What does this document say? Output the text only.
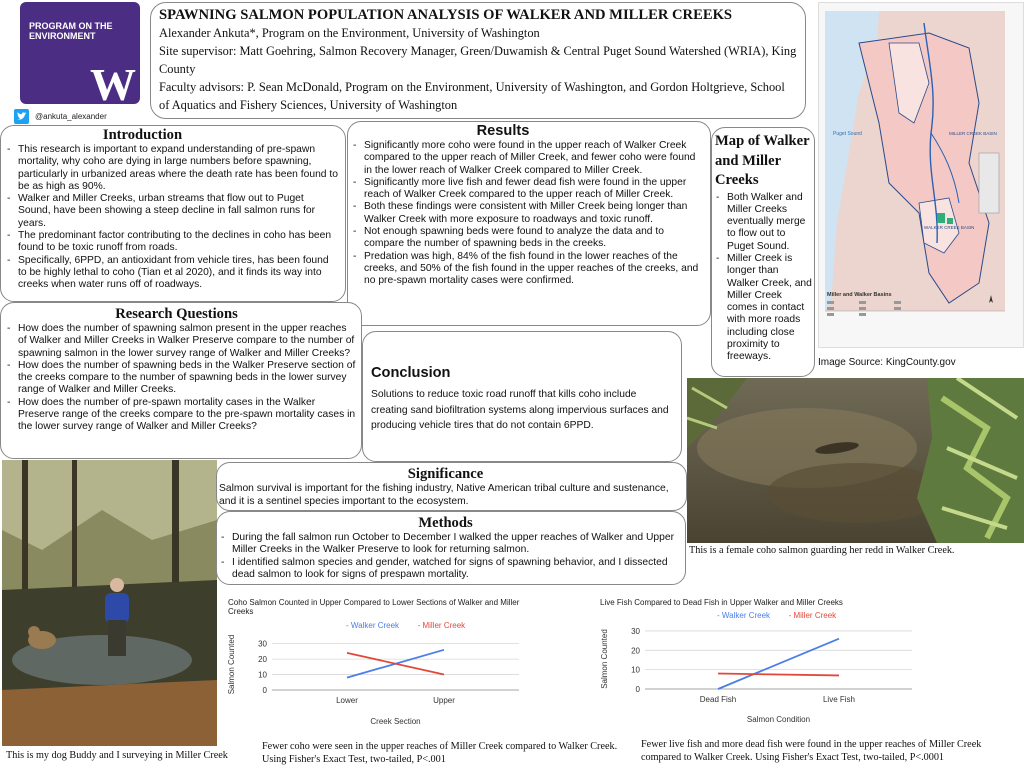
PROGRAM ON THE
ENVIRONMENT
W
@ankuta_alexander
SPAWNING SALMON POPULATION ANALYSIS OF WALKER AND MILLER CREEKS
Alexander Ankuta*, Program on the Environment, University of Washington
Site supervisor: Matt Goehring, Salmon Recovery Manager, Green/Duwamish & Central Puget Sound Watershed (WRIA), King County
Faculty advisors: P. Sean McDonald, Program on the Environment, University of Washington, and Gordon Holtgrieve, School of Aquatics and Fishery Sciences, University of Washington
Puget Sound	MILLER CREEK BASIN
WALKER CREEK BASIN
Miller and Walker Basins
Image Source: KingCounty.gov
Introduction
- This research is important to expand understanding of pre-spawn mortality, why coho are dying in large numbers before spawning, particularly in urbanized areas where the death rate has been found to be as high as 90%.
- Walker and Miller Creeks, urban streams that flow out to Puget Sound, have been showing a steep decline in fall salmon runs for years.
- The predominant factor contributing to the declines in coho has been found to be toxic runoff from roads.
- Specifically, 6PPD, an antioxidant from vehicle tires, has been found to be highly lethal to coho (Tian et al 2020), and it finds its way into creeks when water runs off of roadways.
Results
- Significantly more coho were found in the upper reach of Walker Creek compared to the upper reach of Miller Creek, and fewer coho were found in the lower reach of Walker Creek compared to Miller Creek.
- Significantly more live fish and fewer dead fish were found in the upper reach of Walker Creek compared to the upper reach of Miller Creek.
- Both these findings were consistent with Miller Creek being longer than Walker Creek with more exposure to roadways and toxic runoff.
- Not enough spawning beds were found to analyze the data and to compare the number of spawning beds in the creeks.
- Predation was high, 84% of the fish found in the lower reaches of the creeks, and 50% of the fish found in the upper reaches of the creeks, and no pre-spawn mortality cases were confirmed.
Map of Walker and Miller Creeks
- Both Walker and Miller Creeks eventually merge to flow out to Puget Sound.
- Miller Creek is longer than Walker Creek, and Miller Creek comes in contact with more roads including close proximity to freeways.
Research Questions
- How does the number of spawning salmon present in the upper reaches of Walker and Miller Creeks in Walker Preserve compare to the number of spawning salmon in the lower survey range of Walker and Miller Creeks?
- How does the number of spawning beds in the Walker Preserve section of the creeks compare to the number of spawning beds in the lower survey range of Walker and Miller Creeks.
- How does the number of pre-spawn mortality cases in the Walker Preserve range of the creeks compare to the pre-spawn mortality cases in the lower survey range of Walker and Miller Creeks?
Conclusion
Solutions to reduce toxic road runoff that kills coho include creating sand biofiltration systems along impervious surfaces and producing vehicle tires that do not contain 6PPD.
This is a female coho salmon guarding her redd in Walker Creek.
This is my dog Buddy and I surveying in Miller Creek
Significance
Salmon survival is important for the fishing industry, Native American tribal culture and sustenance, and it is a sentinel species important to the ecosystem.
Methods
- During the fall salmon run October to December I walked the upper reaches of Walker and Upper Miller Creeks in the Walker Preserve to look for returning salmon.
- I identified salmon species and gender, watched for signs of spawning behavior, and I dissected dead salmon to look for signs of prespawn mortality.
Coho Salmon Counted in Upper Compared to Lower Sections of Walker and Miller
Creeks
- Walker Creek - Miller Creek
0
10
20
30
Lower	Upper
Creek Section
Salmon Counted
Fewer coho were seen in the upper reaches of Miller Creek compared to Walker Creek. Using Fisher's Exact Test, two-tailed, P<.001
Live Fish Compared to Dead Fish in Upper Walker and Miller Creeks
- Walker Creek - Miller Creek
0
10
20
30
Dead Fish	Live Fish
Salmon Condition
Salmon Counted
Fewer live fish and more dead fish were found in the upper reaches of Miller Creek compared to Walker Creek. Using Fisher's Exact Test, two-tailed, P<.0001
